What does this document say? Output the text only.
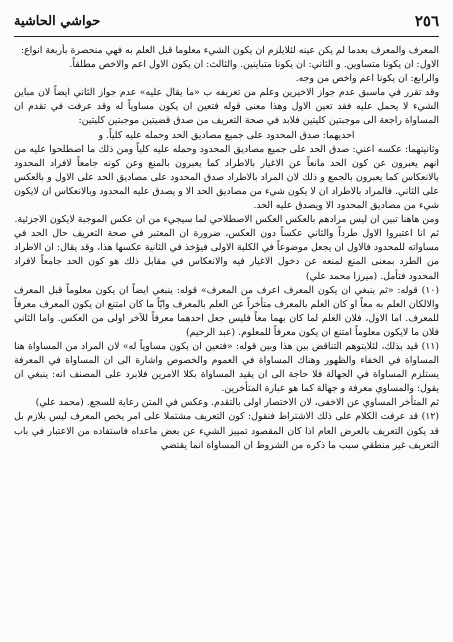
٢٥٦
حواشي الحاشية

المعرف والمعرف بعدما لم يكن عينه لئلايلزم ان يكون الشيء معلوما قبل العلم به فهي منحصرة بأربعة انواع:

الاول: ان يكونا متساوين. و الثاني: ان يكونا متباينين. والثالث: ان يكون الاول اعم والاخص مطلقاً.

والرابع: ان يكونا اعم واخص من وجه.

وقد تقرر في ماسبق عدم جواز الاخيرين وعلم من تعريفه ب «ما يقال عليه» عدم جواز الثاني ايضاً لان مباين الشيء لا يحمل عليه فقد تعين الاول وهذا معنى قوله فتعين ان يكون مساوياً له وقد عرفت في تقدم ان المساواة راجعة الى موجبتين كليتين فلابد في صحة التعريف من صدق قضيتين موجبتين كليتين:

احديهما: صدق المحدود على جميع مصاديق الحد وحمله عليه كلياً. و

وثانيتهما: عكسه اعني: صدق الحد على جميع مصاديق المحدود وحمله عليه كلياً ومن ذلك ما اصطلحوا عليه من انهم يعبرون عن كون الحد مانعاً عن الاغيار بالاطراد كما يعبرون بالمنع وعن كونه جامعاً لافراد المحدود بالانعكاس كما يعبرون بالجمع و ذلك لان المراد بالاطراد صدق المحدود على مصاديق الحد على الاول و بالعكس على الثاني. فالمراد بالاطراد ان لا يكون شيء من مصاديق الحد الا و يصدق عليه المحدود وبالانعكاس ان لايكون شيء من مصاديق المحدود الا ويصدق عليه الحد.

ومن هاهنا تبين ان ليس مرادهم بالعكس العكس الاصطلاحي لما سيجيء من ان عكس الموجبة لايكون الاجزئية.

ثم انا اعتبروا الاول طرداً والثاني عكساً دون العكس، ضرورة ان المعتبر في صحة التعريف حال الحد في مساواته للمحدود فالاول ان يجعل موضوعاً في الكلية الاولى فيؤخذ في الثانية عكسها هذا، وقد يقال: ان الاطراد من الطرد بمعنى المنع لمنعه عن دخول الاغيار فيه والانعكاس في مقابل ذلك هو كون الحد جامعاً لافراد المحدود فتأمل. (ميرزا محمد علي)

(١٠) قوله: «ثم ينبغي ان يكون المعرف اعرف من المعرف» قوله: ينبغي ايضاً ان يكون معلوماً قبل المعرف والالكان العلم به معاً او كان العلم بالمعرف متأخراً عن العلم بالمعرف وايّاً ما كان امتنع ان يكون المعرف معرفاً للمعرف. اما الاول، فلان العلم لما كان بهما معاً فليس جعل احدهما معرفاً للآخر اولى من العكس. واما الثاني فلان ما لايكون معلوماً امتنع ان يكون معرفاً للمعلوم. (عبد الرحيم)

(١١) قيد بذلك، لئلايتوهم التناقض بين هذا وبين قوله: «فتعين ان يكون مساوياً له» لان المراد من المساواة هنا المساواة في الخفاء والظهور وهناك المساواة في العموم والخصوص واشارة الى ان المساواة في المعرفة يستلزم المساواة في الجهالة فلا حاجة الى ان يقيد المساواة بكلا الامرين فلابرد على المصنف انه: ينبغي ان يقول: والمساوي معرفة و جهالة كما هو عبارة المتأخرين.

ثم المتأخر المساوي عن الاخفى، لان الاختصار اولى بالتقدم. وعكس في المتن رعاية للسجع. (محمد علي)

(١٢) قد عرفت الكلام على ذلك الاشتراط فنقول: كون التعريف مشتملا على امر يخص المعرف ليس بلازم بل قد يكون التعريف بالعرض العام اذا كان المقصود تمييز الشيء عن بعض ماعداه فاستفاده من الاعتبار في باب التعريف غير منطقي سبب ما ذكره من الشروط ان المساواة انما يقتضي
